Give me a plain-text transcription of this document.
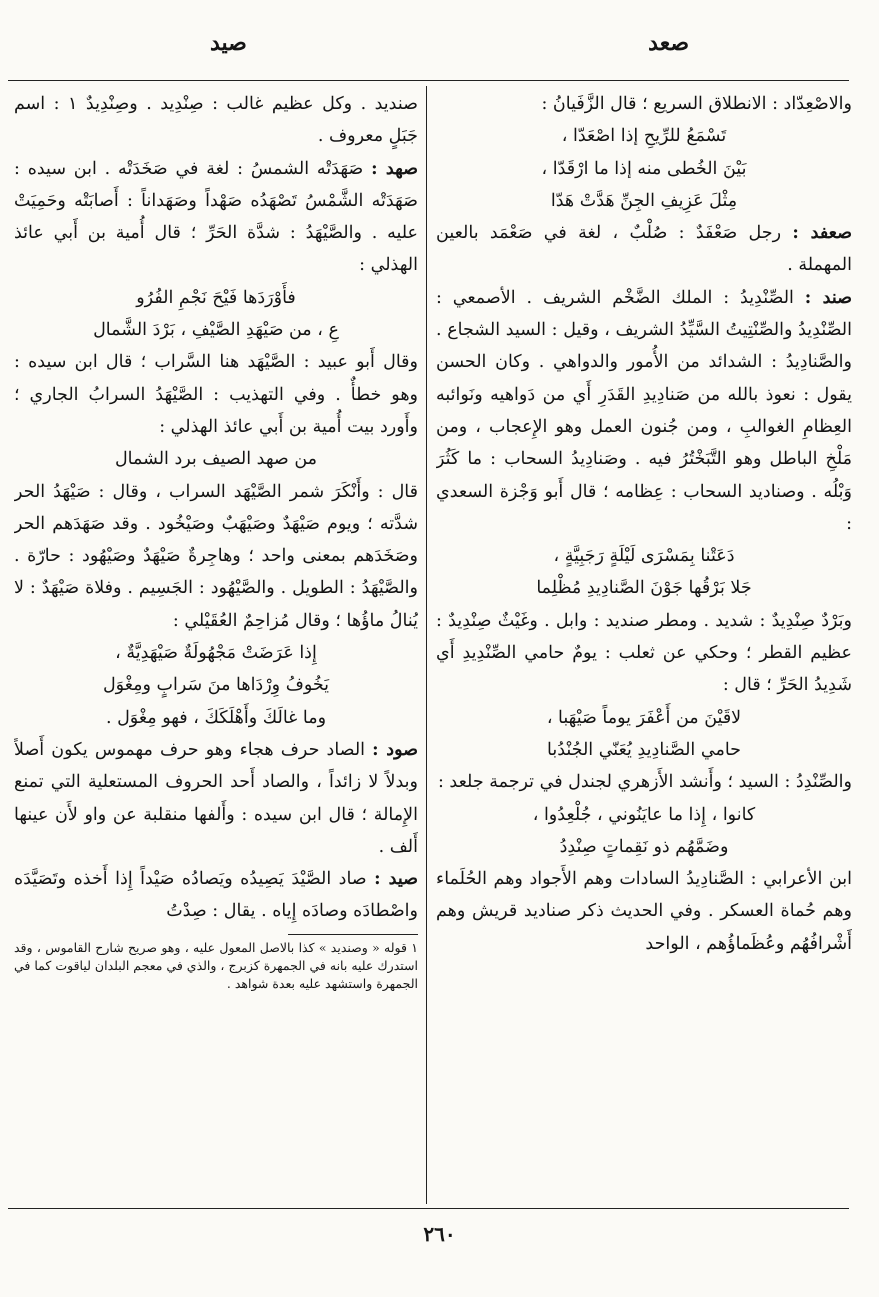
صعد
صيد

والاصْعِدّاد : الانطلاق السريع ؛ قال الزَّفَيانُ :

تَسْمَعُ للرِّيحِ إذا اصْعَدّا ،

بَيْنَ الخُطى منه إذا ما ارْقَدّا ،

مِثْلَ عَزِيفِ الجِنِّ هَدَّتْ هَدّا

صعفد : رجل صَعْفَدٌ : صُلْبٌ ، لغة في صَعْمَد بالعين المهملة .

صند : الصِّنْدِيدُ : الملك الضَّخْم الشريف . الأصمعي : الصِّنْدِيدُ والصِّنْتِيتُ السَّيِّدُ الشريف ، وقيل : السيد الشجاع . والصَّنادِيدُ : الشدائد من الأُمور والدواهي . وكان الحسن يقول : نعوذ بالله من صَنادِيدِ القَدَرِ أَي من دَواهيه ونَوائبه العِظامِ الغوالبِ ، ومن جُنون العمل وهو الإِعجاب ، ومن مَلْخِ الباطل وهو التَّبَخْتُرُ فيه . وصَنادِيدُ السحاب : ما كَثُرَ وَبْلُه . وصناديد السحاب : عِظامه ؛ قال أَبو وَجْزة السعدي :

دَعَتْنا بِمَسْرَى لَيْلَةٍ رَجَبِيَّةٍ ،

جَلا بَرْقُها جَوْنَ الصَّنادِيدِ مُظْلِما

وبَرْدٌ صِنْدِيدٌ : شديد . ومطر صنديد : وابل . وغَيْثٌ صِنْدِيدٌ : عظيم القطر ؛ وحكي عن ثعلب : يومٌ حامي الصِّنْدِيدِ أَي شَدِيدُ الحَرِّ ؛ قال :

لاقَيْنَ من أَعْفَرَ يوماً صَيْهَبا ،

حامي الصَّنادِيدِ يُعَنّي الجُنْدُبا

والصِّنْدِدُ : السيد ؛ وأَنشد الأَزهري لجندل في ترجمة جلعد :

كانوا ، إِذا ما عايَنُوني ، جُلْعِدُوا ،

وضَمَّهُم ذو نَقِماتٍ صِنْدِدُ

ابن الأعرابي : الصَّنادِيدُ السادات وهم الأَجواد وهم الحُلَماء وهم حُماة العسكر . وفي الحديث ذكر صناديد قريش وهم أَشْرافُهُم وعُظَماؤُهم ، الواحد

صنديد . وكل عظيم غالب : صِنْدِيد . وصِنْدِيدٌ ١ : اسم جَبَلٍ معروف .

صهد : صَهَدَتْه الشمسُ : لغة في صَخَدَتْه . ابن سيده : صَهَدَتْه الشَّمْسُ تَصْهَدُه صَهْداً وصَهَداناً : أَصابَتْه وحَمِيَتْ عليه . والصَّيْهَدُ : شدَّة الحَرِّ ؛ قال أُمية بن أَبي عائذ الهذلي :

فأَوْرَدَها فَيْحَ نَجْمِ الفُرُو

عِ ، من صَيْهَدِ الصَّيْفِ ، بَرْدَ الشَّمال

وقال أَبو عبيد : الصَّيْهَد هنا السَّراب ؛ قال ابن سيده : وهو خطأٌ . وفي التهذيب : الصَّيْهَدُ السرابُ الجاري ؛ وأَورد بيت أُمية بن أَبي عائذ الهذلي :

من صهد الصيف برد الشمال

قال : وأَنْكَرَ شمر الصَّيْهَد السراب ، وقال : صَيْهَدُ الحر شدَّته ؛ ويوم صَيْهَدٌ وصَيْهَبٌ وصَيْخُود . وقد صَهَدَهم الحر وصَخَدَهم بمعنى واحد ؛ وهاجِرةٌ صَيْهَدٌ وصَيْهُود : حارّة . والصَّيْهَدُ : الطويل . والصَّيْهُود : الجَسِيم . وفلاة صَيْهَدٌ : لا يُنالُ ماؤُها ؛ وقال مُزاحِمٌ العُقَيْلي :

إِذا عَرَضَتْ مَجْهُولَةٌ صَيْهَدِيَّةٌ ،

يَخُوفُ وِرْدَاها منَ سَرابٍ ومِغْوَل

وما غالَكَ وأَهْلَكَكَ ، فهو مِغْوَل .

صود : الصاد حرف هجاء وهو حرف مهموس يكون أَصلاً وبدلاً لا زائداً ، والصاد أَحد الحروف المستعلية التي تمنع الإِمالة ؛ قال ابن سيده : وأَلفها منقلبة عن واو لأَن عينها أَلف .

صيد : صاد الصَّيْدَ يَصِيدُه ويَصادُه صَيْداً إِذا أَخذه وتَصَيَّدَه واصْطادَه وصادَه إِياه . يقال : صِدْتُ

١ قوله « وصنديد » كذا بالاصل المعول عليه ، وهو صريح شارح القاموس ، وقد استدرك عليه بانه في الجمهرة كزبرج ، والذي في معجم البلدان لياقوت كما في الجمهرة واستشهد عليه بعدة شواهد .

٢٦٠
